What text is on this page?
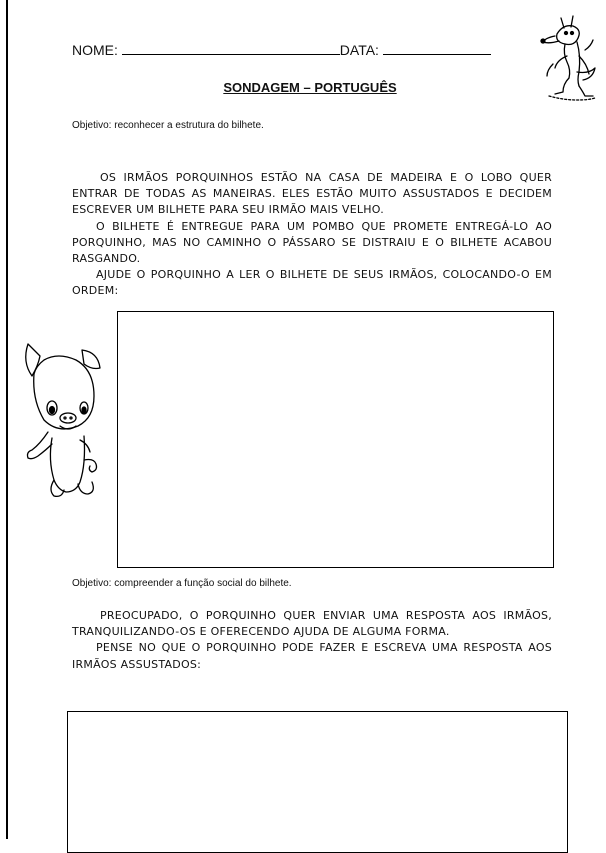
NOME:	DATA:
SONDAGEM – PORTUGUÊS
Objetivo: reconhecer a estrutura do bilhete.

OS IRMÃOS PORQUINHOS ESTÃO NA CASA DE MADEIRA E O LOBO QUER ENTRAR DE TODAS AS MANEIRAS. ELES ESTÃO MUITO ASSUSTADOS E DECIDEM ESCREVER UM BILHETE PARA SEU IRMÃO MAIS VELHO.

O BILHETE É ENTREGUE PARA UM POMBO QUE PROMETE ENTREGÁ-LO AO PORQUINHO, MAS NO CAMINHO O PÁSSARO SE DISTRAIU E O BILHETE ACABOU RASGANDO.

AJUDE O PORQUINHO A LER O BILHETE DE SEUS IRMÃOS, COLOCANDO-O EM ORDEM:

Objetivo: compreender a função social do bilhete.

PREOCUPADO, O PORQUINHO QUER ENVIAR UMA RESPOSTA AOS IRMÃOS, TRANQUILIZANDO-OS E OFERECENDO AJUDA DE ALGUMA FORMA.

PENSE NO QUE O PORQUINHO PODE FAZER E ESCREVA UMA RESPOSTA AOS IRMÃOS ASSUSTADOS:
